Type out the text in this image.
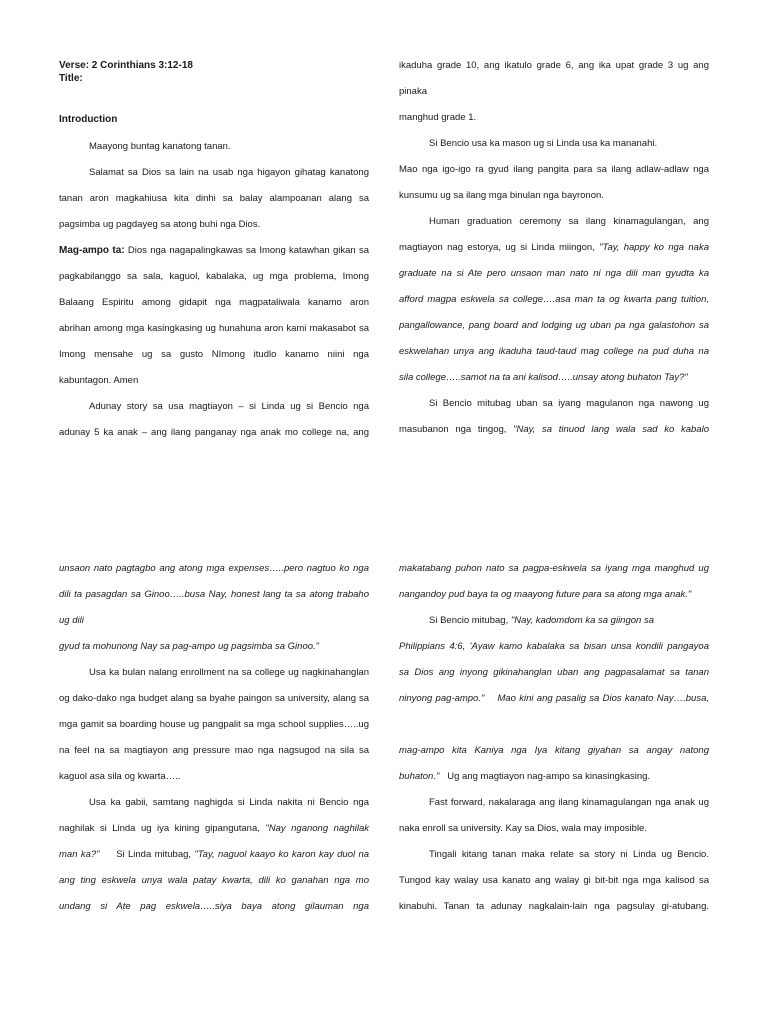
Verse: 2 Corinthians 3:12-18
Title:
Introduction
Maayong buntag kanatong tanan.
Salamat sa Dios sa lain na usab nga higayon gihatag kanatong
tanan aron magkahiusa kita dinhi sa balay alampoanan alang sa
pagsimba ug pagdayeg sa atong buhi nga Dios.
Mag-ampo ta: Dios nga nagapalingkawas sa Imong katawhan gikan sa
pagkabilanggo sa sala, kaguol, kabalaka, ug mga problema, Imong
Balaang Espiritu among gidapit nga magpataliwala kanamo aron
abrihan among mga kasingkasing ug hunahuna aron kami makasabot sa
Imong mensahe ug sa gusto NImong itudlo kanamo niini nga
kabuntagon. Amen
Adunay story sa usa magtiayon – si Linda ug si Bencio nga
adunay 5 ka anak – ang ilang panganay nga anak mo college na, ang
ikaduha grade 10, ang ikatulo grade 6, ang ika upat grade 3 ug ang
pinaka
manghud grade 1.
Si Bencio usa ka mason ug si Linda usa ka mananahi.
Mao nga igo-igo ra gyud ilang pangita para sa ilang adlaw-adlaw nga
kunsumu ug sa ilang mga binulan nga bayronon.
Human graduation ceremony sa ilang kinamagulangan, ang
magtiayon nag estorya, ug si Linda miingon, "Tay, happy ko nga naka
graduate na si Ate pero unsaon man nato ni nga dili man gyudta ka
afford magpa eskwela sa college….asa man ta og kwarta pang tuition,
pangallowance, pang board and lodging ug uban pa nga galastohon sa
eskwelahan unya ang ikaduha taud-taud mag college na pud duha na
sila college…..samot na ta ani kalisod…..unsay atong buhaton Tay?"
Si Bencio mitubag uban sa iyang magulanon nga nawong ug
masubanon nga tingog, "Nay, sa tinuod lang wala sad ko kabalo
unsaon nato pagtagbo ang atong mga expenses…..pero nagtuo ko nga
dili ta pasagdan sa Ginoo…..busa Nay, honest lang ta sa atong trabaho
ug dili
gyud ta mohunong Nay sa pag-ampo ug pagsimba sa Ginoo."
Usa ka bulan nalang enrollment na sa college ug nagkinahanglan
og dako-dako nga budget alang sa byahe paingon sa university, alang sa
mga gamit sa boarding house ug pangpalit sa mga school supplies…..ug
na feel na sa magtiayon ang pressure mao nga nagsugod na sila sa
kaguol asa sila og kwarta…..
Usa ka gabii, samtang naghigda si Linda nakita ni Bencio nga
naghilak si Linda ug iya kining gipangutana, "Nay nganong naghilak
man ka?"     Si Linda mitubag, "Tay, naguol kaayo ko karon kay duol na
ang ting eskwela unya wala patay kwarta, dili ko ganahan nga mo
undang si Ate pag eskwela…..siya baya atong gilauman nga
makatabang puhon nato sa pagpa-eskwela sa iyang mga manghud ug
nangandoy pud baya ta og maayong future para sa atong mga anak."
Si Bencio mitubag, "Nay, kadomdom ka sa giingon sa
Philippians 4:6, 'Ayaw kamo kabalaka sa bisan unsa kondili pangayoa
sa Dios ang inyong gikinahanglan uban ang pagpasalamat sa tanan
ninyong pag-ampo."    Mao kini ang pasalig sa Dios kanato Nay….busa,
mag-ampo kita Kaniya nga Iya kitang giyahan sa angay natong
buhaton."   Ug ang magtiayon nag-ampo sa kinasingkasing.
Fast forward, nakalaraga ang ilang kinamagulangan nga anak ug
naka enroll sa university. Kay sa Dios, wala may imposible.
Tingali kitang tanan maka relate sa story ni Linda ug Bencio.
Tungod kay walay usa kanato ang walay gi bit-bit nga mga kalisod sa
kinabuhi. Tanan ta adunay nagkalain-lain nga pagsulay gi-atubang.
